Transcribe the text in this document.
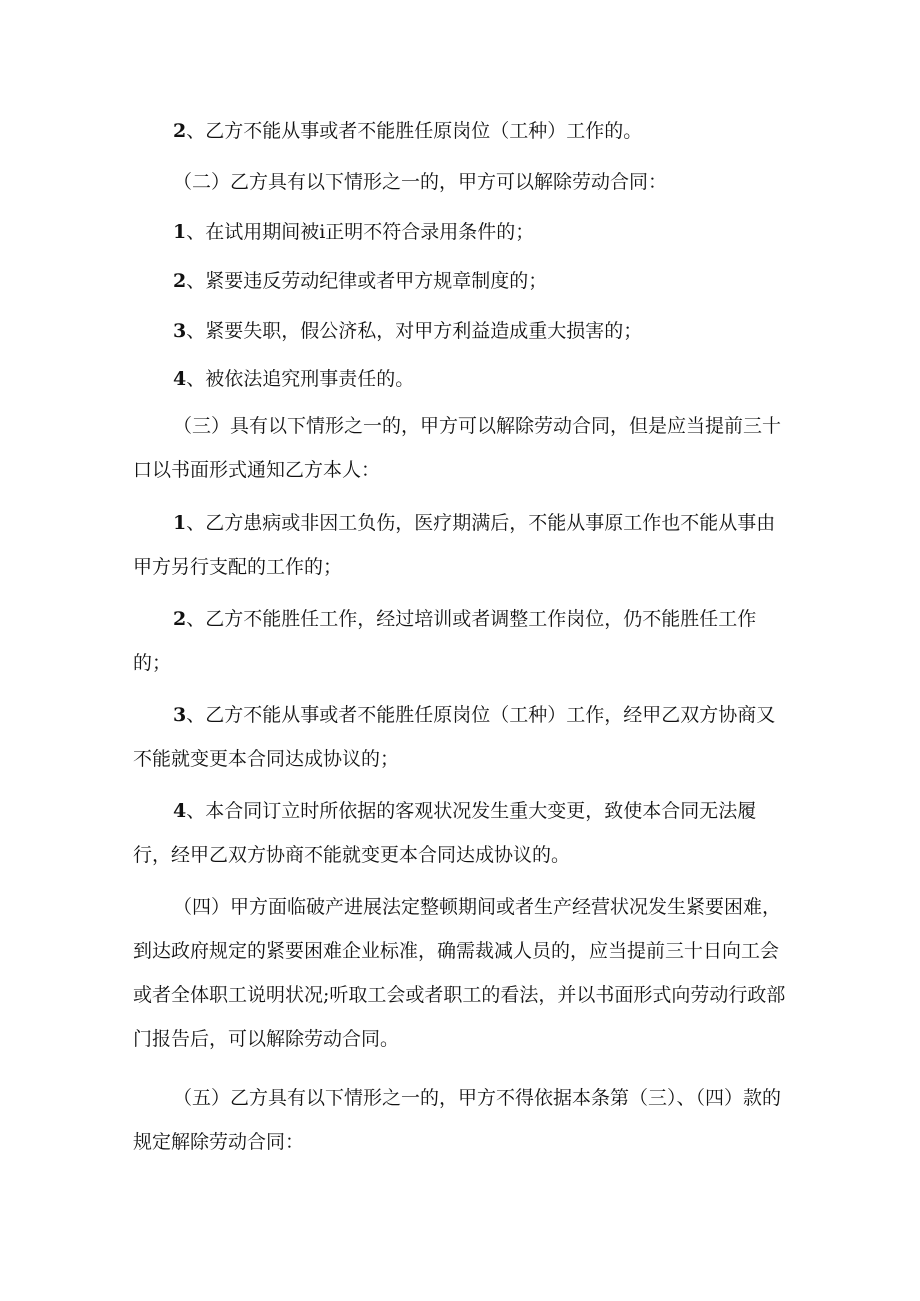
2、乙方不能从事或者不能胜任原岗位（工种）工作的。

（二）乙方具有以下情形之一的，甲方可以解除劳动合同：

1、在试用期间被i正明不符合录用条件的；

2、紧要违反劳动纪律或者甲方规章制度的；

3、紧要失职，假公济私，对甲方利益造成重大损害的；

4、被依法追究刑事责任的。

（三）具有以下情形之一的，甲方可以解除劳动合同，但是应当提前三十口以书面形式通知乙方本人：

1、乙方患病或非因工负伤，医疗期满后，不能从事原工作也不能从事由甲方另行支配的工作的；

2、乙方不能胜任工作，经过培训或者调整工作岗位，仍不能胜任工作的；

3、乙方不能从事或者不能胜任原岗位（工种）工作，经甲乙双方协商又不能就变更本合同达成协议的；

4、本合同订立时所依据的客观状况发生重大变更，致使本合同无法履行，经甲乙双方协商不能就变更本合同达成协议的。

（四）甲方面临破产进展法定整顿期间或者生产经营状况发生紧要困难，到达政府规定的紧要困难企业标准，确需裁减人员的，应当提前三十日向工会或者全体职工说明状况;听取工会或者职工的看法，并以书面形式向劳动行政部门报告后，可以解除劳动合同。

（五）乙方具有以下情形之一的，甲方不得依据本条第（三）、（四）款的规定解除劳动合同：
